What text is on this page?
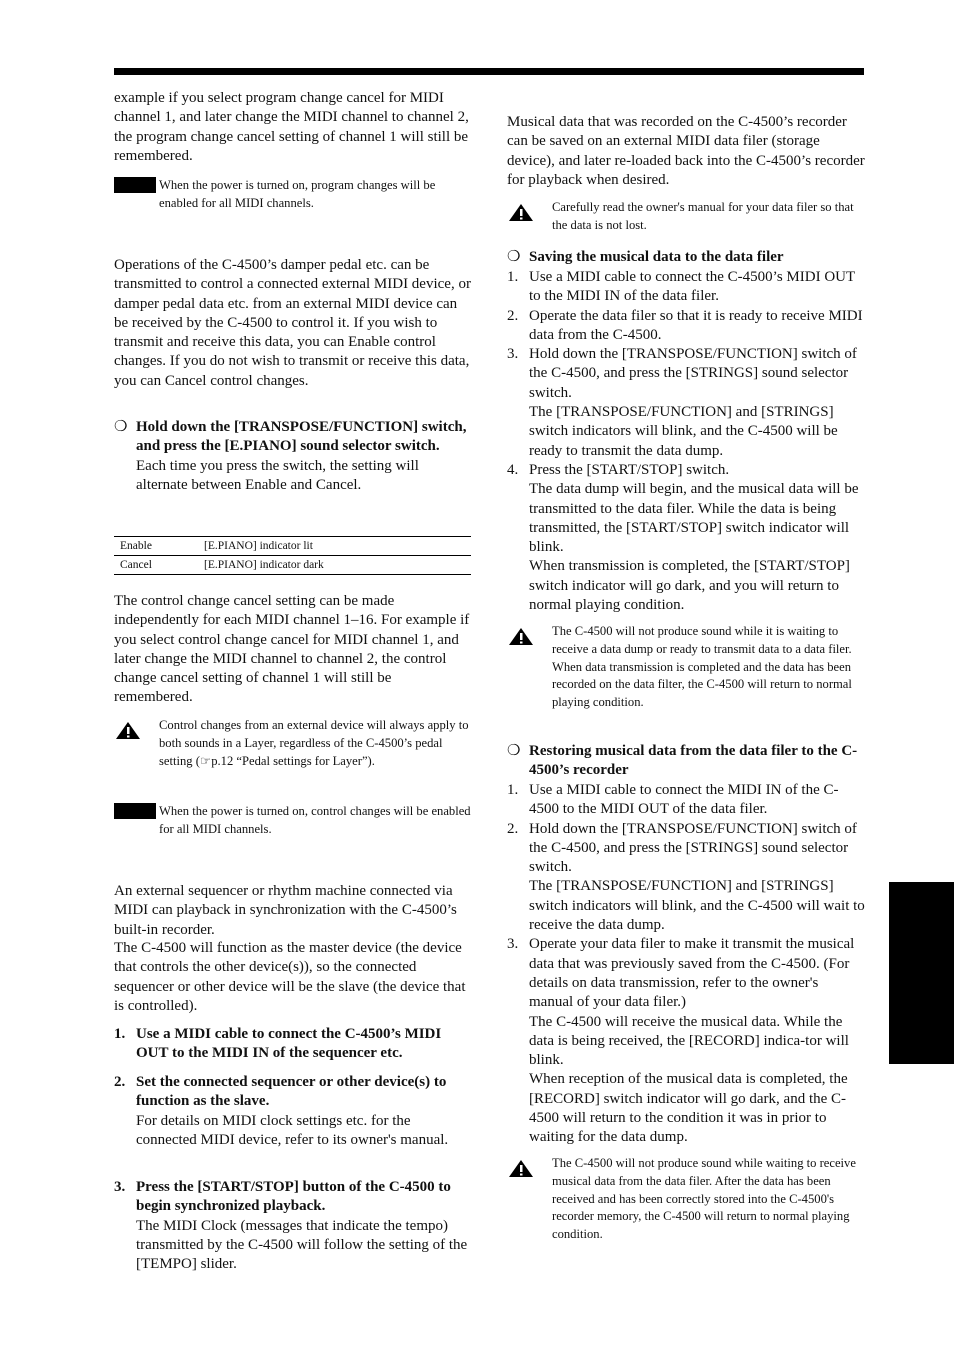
example if you select program change cancel for MIDI channel 1, and later change the MIDI channel to channel 2, the program change cancel setting of channel 1 will still be remembered.

When the power is turned on, program changes will be enabled for all MIDI channels.

Operations of the C-4500’s damper pedal etc. can be transmitted to control a connected external MIDI device, or damper pedal data etc. from an external MIDI device can be received by the C-4500 to control it. If you wish to transmit and receive this data, you can Enable control changes. If you do not wish to transmit or receive this data, you can Cancel control changes.

❍ Hold down the [TRANSPOSE/FUNCTION] switch, and press the [E.PIANO] sound selector switch.

Each time you press the switch, the setting will alternate between Enable and Cancel.

Enable	[E.PIANO] indicator lit
Cancel	[E.PIANO] indicator dark

The control change cancel setting can be made independently for each MIDI channel 1–16. For example if you select control change cancel for MIDI channel 1, and later change the MIDI channel to channel 2, the control change cancel setting of channel 1 will still be remembered.

Control changes from an external device will always apply to both sounds in a Layer, regardless of the C-4500’s pedal setting (☞p.12 “Pedal settings for Layer”).
When the power is turned on, control changes will be enabled for all MIDI channels.

An external sequencer or rhythm machine connected via MIDI can playback in synchronization with the C-4500’s built-in recorder.

The C-4500 will function as the master device (the device that controls the other device(s)), so the connected sequencer or other device will be the slave (the device that is controlled).

1. Use a MIDI cable to connect the C-4500’s MIDI OUT to the MIDI IN of the sequencer etc.

2. Set the connected sequencer or other device(s) to function as the slave.

For details on MIDI clock settings etc. for the connected MIDI device, refer to its owner's manual.

3. Press the [START/STOP] button of the C-4500 to begin synchronized playback.

The MIDI Clock (messages that indicate the tempo) transmitted by the C-4500 will follow the setting of the [TEMPO] slider.

Musical data that was recorded on the C-4500’s recorder can be saved on an external MIDI data filer (storage device), and later re-loaded back into the C-4500’s recorder for playback when desired.

Carefully read the owner's manual for your data filer so that the data is not lost.
❍ Saving the musical data to the data filer

1. Use a MIDI cable to connect the C-4500’s MIDI OUT to the MIDI IN of the data filer.

2. Operate the data filer so that it is ready to receive MIDI data from the C-4500.

3. Hold down the [TRANSPOSE/FUNCTION] switch of the C-4500, and press the [STRINGS] sound selector switch.

The [TRANSPOSE/FUNCTION] and [STRINGS] switch indicators will blink, and the C-4500 will be ready to transmit the data dump.

4. Press the [START/STOP] switch.

The data dump will begin, and the musical data will be transmitted to the data filer. While the data is being transmitted, the [START/STOP] switch indicator will blink.

When transmission is completed, the [START/STOP] switch indicator will go dark, and you will return to normal playing condition.

The C-4500 will not produce sound while it is waiting to receive a data dump or ready to transmit data to a data filer. When data transmission is completed and the data has been recorded on the data filter, the C-4500 will return to normal playing condition.
❍ Restoring musical data from the data filer to the C-4500’s recorder

1. Use a MIDI cable to connect the MIDI IN of the C-4500 to the MIDI OUT of the data filer.

2. Hold down the [TRANSPOSE/FUNCTION] switch of the C-4500, and press the [STRINGS] sound selector switch.

The [TRANSPOSE/FUNCTION] and [STRINGS] switch indicators will blink, and the C-4500 will wait to receive the data dump.

3. Operate your data filer to make it transmit the musical data that was previously saved from the C-4500. (For details on data transmission, refer to the owner's manual of your data filer.)

The C-4500 will receive the musical data. While the data is being received, the [RECORD] indica-tor will blink.

When reception of the musical data is completed, the [RECORD] switch indicator will go dark, and the C-4500 will return to the condition it was in prior to waiting for the data dump.

The C-4500 will not produce sound while waiting to receive musical data from the data filer. After the data has been received and has been correctly stored into the C-4500's recorder memory, the C-4500 will return to normal playing condition.
